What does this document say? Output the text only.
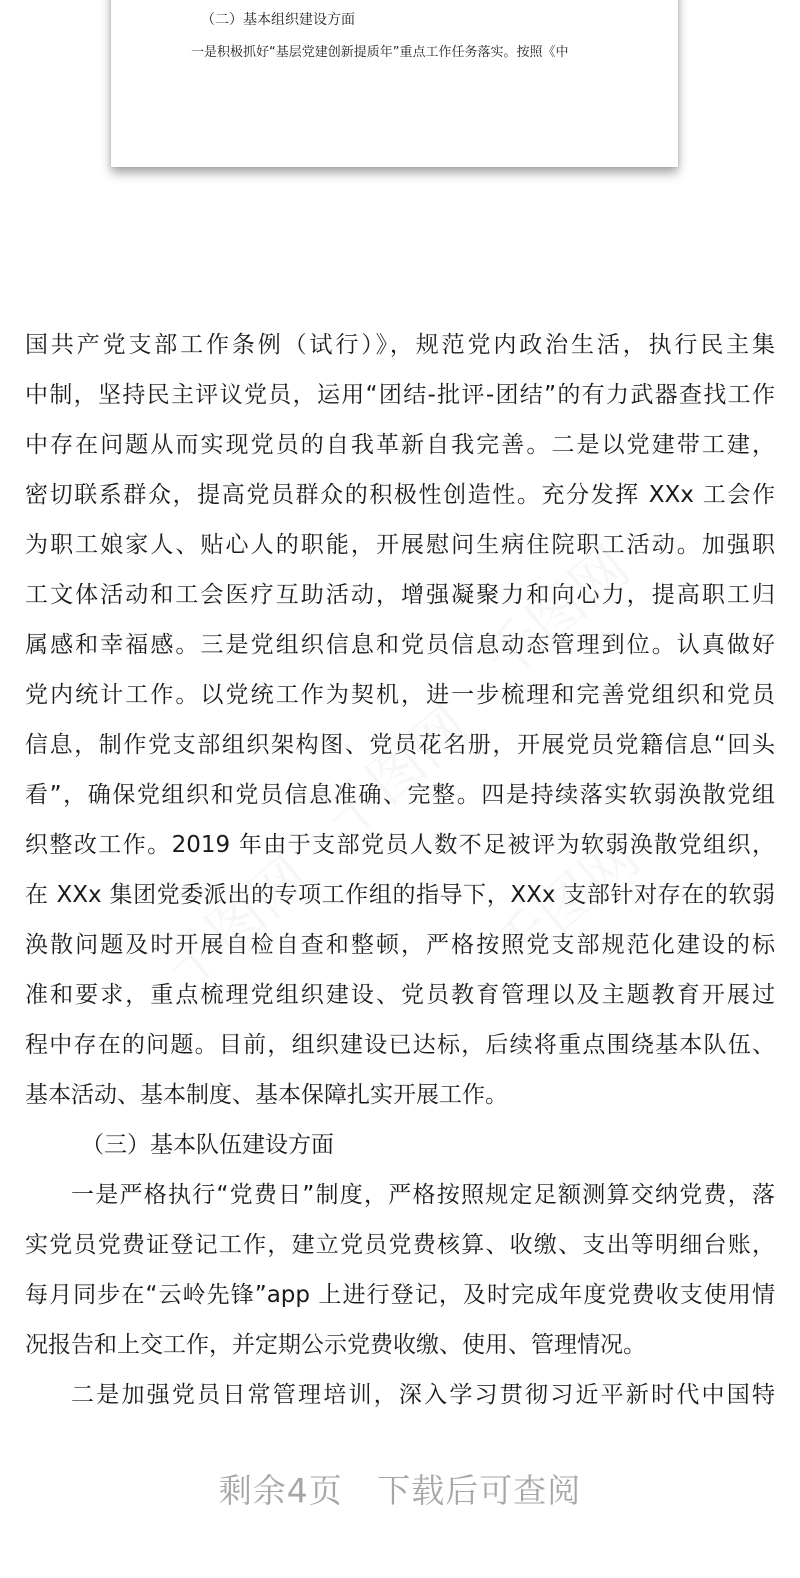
（二）基本组织建设方面
一是积极抓好“基层党建创新提质年”重点工作任务落实。按照《中
国共产党支部工作条例（试行）》，规范党内政治生活，执行民主集
中制，坚持民主评议党员，运用“团结-批评-团结”的有力武器查找工作
中存在问题从而实现党员的自我革新自我完善。二是以党建带工建，
密切联系群众，提高党员群众的积极性创造性。充分发挥 XXx 工会作
为职工娘家人、贴心人的职能，开展慰问生病住院职工活动。加强职
工文体活动和工会医疗互助活动，增强凝聚力和向心力，提高职工归
属感和幸福感。三是党组织信息和党员信息动态管理到位。认真做好
党内统计工作。以党统工作为契机，进一步梳理和完善党组织和党员
信息，制作党支部组织架构图、党员花名册，开展党员党籍信息“回头
看”，确保党组织和党员信息准确、完整。四是持续落实软弱涣散党组
织整改工作。2019 年由于支部党员人数不足被评为软弱涣散党组织，
在 XXx 集团党委派出的专项工作组的指导下，XXx 支部针对存在的软弱
涣散问题及时开展自检自查和整顿，严格按照党支部规范化建设的标
准和要求，重点梳理党组织建设、党员教育管理以及主题教育开展过
程中存在的问题。目前，组织建设已达标，后续将重点围绕基本队伍、
基本活动、基本制度、基本保障扎实开展工作。
（三）基本队伍建设方面
一是严格执行“党费日”制度，严格按照规定足额测算交纳党费，落
实党员党费证登记工作，建立党员党费核算、收缴、支出等明细台账，
每月同步在“云岭先锋”app 上进行登记，及时完成年度党费收支使用情
况报告和上交工作，并定期公示党费收缴、使用、管理情况。
二是加强党员日常管理培训，深入学习贯彻习近平新时代中国特
剩余4页 下载后可查阅
